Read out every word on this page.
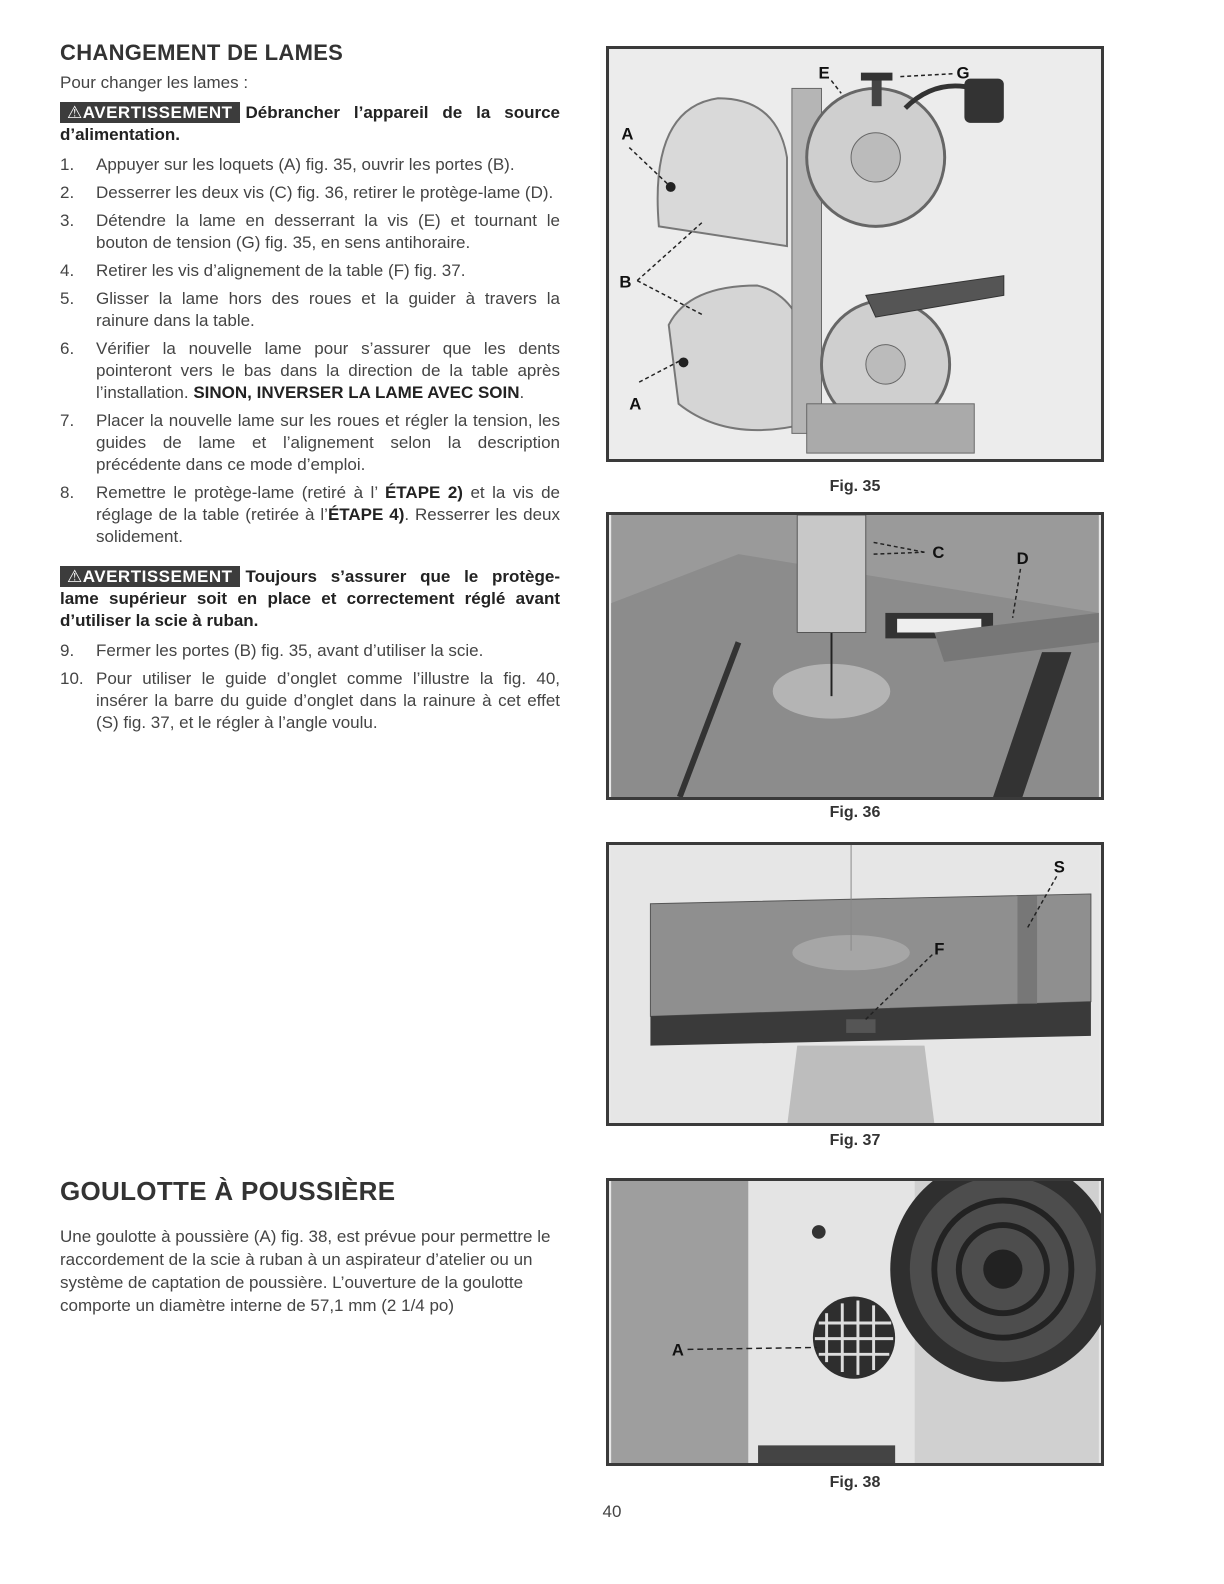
CHANGEMENT DE LAMES

Pour changer les lames :

⚠AVERTISSEMENT Débrancher l’appareil de la source d’alimentation.

1. Appuyer sur les loquets (A) fig. 35, ouvrir les portes (B).
2. Desserrer les deux vis (C) fig. 36, retirer le protège-lame (D).
3. Détendre la lame en desserrant la vis (E) et tournant le bouton de tension (G) fig. 35, en sens antihoraire.
4. Retirer les vis d’alignement de la table (F) fig. 37.
5. Glisser la lame hors des roues et la guider à travers la rainure dans la table.
6. Vérifier la nouvelle lame pour s’assurer que les dents pointeront vers le bas dans la direction de la table après l’installation. SINON, INVERSER LA LAME AVEC SOIN.
7. Placer la nouvelle lame sur les roues et régler la tension, les guides de lame et l’alignement selon la description précédente dans ce mode d’emploi.
8. Remettre le protège-lame (retiré à l’ ÉTAPE 2) et la vis de réglage de la table (retirée à l’ÉTAPE 4). Resserrer les deux solidement.

⚠AVERTISSEMENT Toujours s’assurer que le protège-lame supérieur soit en place et correctement réglé avant d’utiliser la scie à ruban.

9. Fermer les portes (B) fig. 35, avant d’utiliser la scie.
10. Pour utiliser le guide d’onglet comme l’illustre la fig. 40, insérer la barre du guide d’onglet dans la rainure à cet effet (S) fig. 37, et le régler à l’angle voulu.
GOULOTTE À POUSSIÈRE

Une goulotte à poussière (A) fig. 38, est prévue pour permettre le raccordement de la scie à ruban à un aspirateur d’atelier ou un système de captation de poussière. L’ouverture de la goulotte comporte un diamètre interne de 57,1 mm (2 1/4 po)

A
B
A
E	G
Fig. 35
C	D
Fig. 36
S
F
Fig. 37
A
Fig. 38
40
